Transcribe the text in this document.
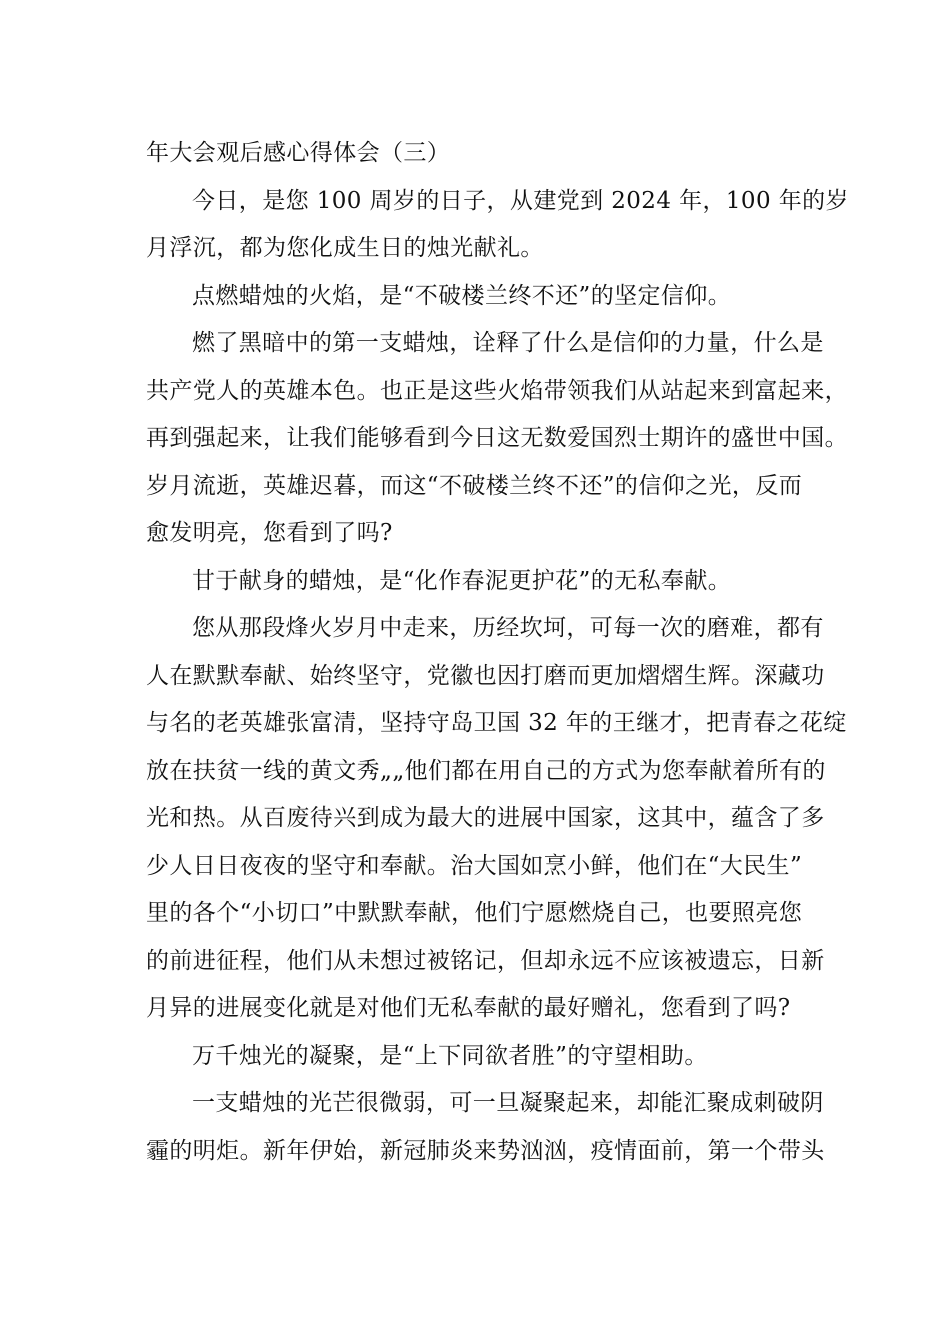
年大会观后感心得体会（三）
今日，是您 100 周岁的日子，从建党到 2024 年，100 年的岁
月浮沉，都为您化成生日的烛光献礼。
点燃蜡烛的火焰，是“不破楼兰终不还”的坚定信仰。
燃了黑暗中的第一支蜡烛，诠释了什么是信仰的力量，什么是
共产党人的英雄本色。也正是这些火焰带领我们从站起来到富起来，
再到强起来，让我们能够看到今日这无数爱国烈士期许的盛世中国。
岁月流逝，英雄迟暮，而这“不破楼兰终不还”的信仰之光，反而
愈发明亮，您看到了吗?
甘于献身的蜡烛，是“化作春泥更护花”的无私奉献。
您从那段烽火岁月中走来，历经坎坷，可每一次的磨难，都有
人在默默奉献、始终坚守，党徽也因打磨而更加熠熠生辉。深藏功
与名的老英雄张富清，坚持守岛卫国 32 年的王继才，把青春之花绽
放在扶贫一线的黄文秀„„他们都在用自己的方式为您奉献着所有的
光和热。从百废待兴到成为最大的进展中国家，这其中，蕴含了多
少人日日夜夜的坚守和奉献。治大国如烹小鲜，他们在“大民生”
里的各个“小切口”中默默奉献，他们宁愿燃烧自己，也要照亮您
的前进征程，他们从未想过被铭记，但却永远不应该被遗忘，日新
月异的进展变化就是对他们无私奉献的最好赠礼，您看到了吗?
万千烛光的凝聚，是“上下同欲者胜”的守望相助。
一支蜡烛的光芒很微弱，可一旦凝聚起来，却能汇聚成刺破阴
霾的明炬。新年伊始，新冠肺炎来势汹汹，疫情面前，第一个带头
